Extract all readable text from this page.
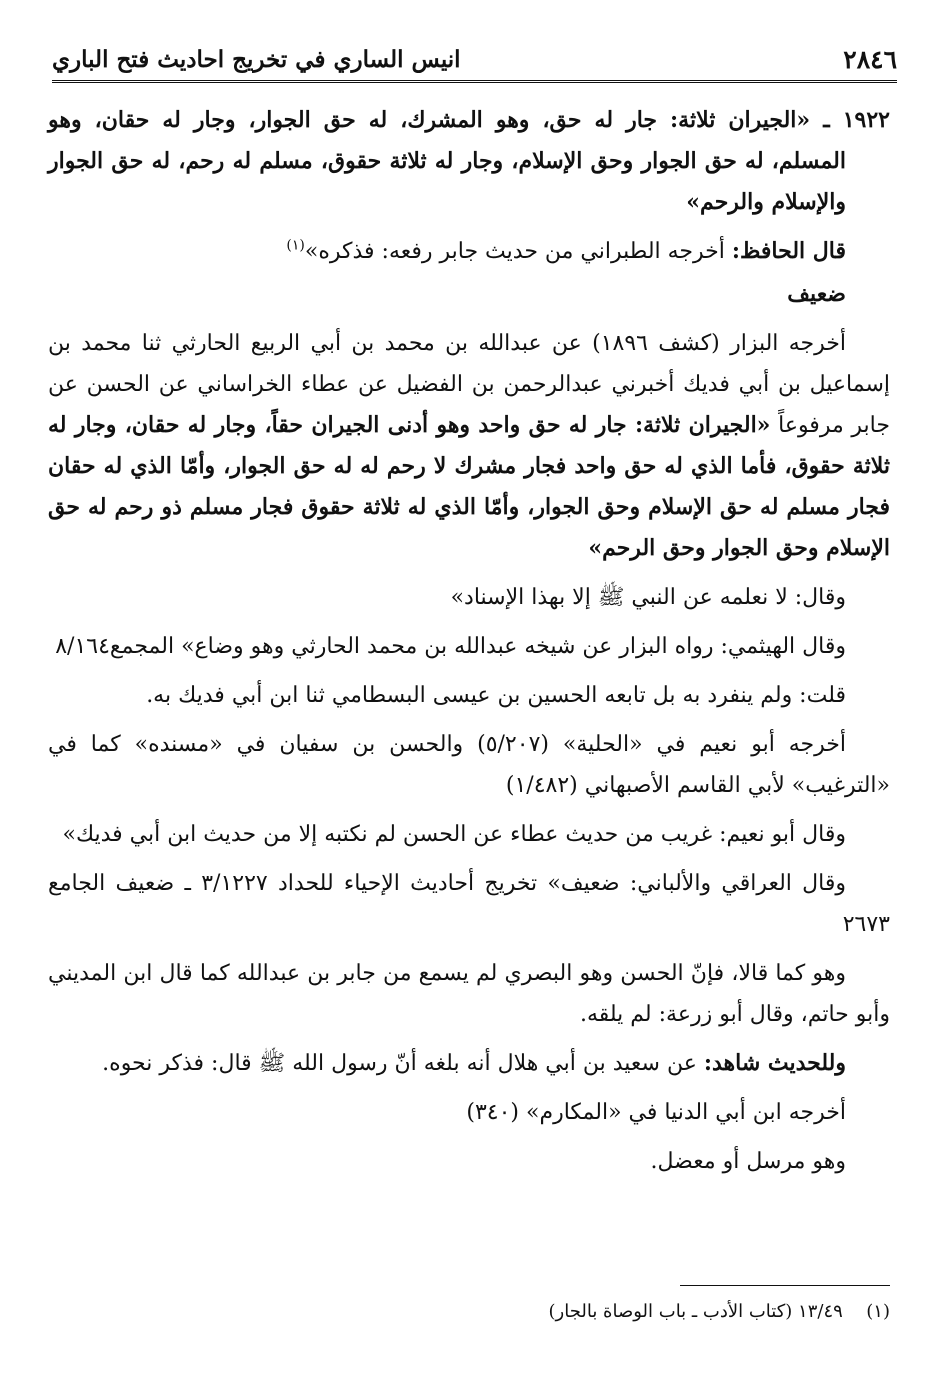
٢٨٤٦
انيس الساري في تخريج احاديث فتح الباري

١٩٢٢ ـ «الجيران ثلاثة: جار له حق، وهو المشرك، له حق الجوار، وجار له حقان، وهو المسلم، له حق الجوار وحق الإسلام، وجار له ثلاثة حقوق، مسلم له رحم، له حق الجوار والإسلام والرحم»

قال الحافظ: أخرجه الطبراني من حديث جابر رفعه: فذكره»$^{(١)}$

ضعيف

أخرجه البزار (كشف ١٨٩٦) عن عبدالله بن محمد بن أبي الربيع الحارثي ثنا محمد بن إسماعيل بن أبي فديك أخبرني عبدالرحمن بن الفضيل عن عطاء الخراساني عن الحسن عن جابر مرفوعاً «الجيران ثلاثة: جار له حق واحد وهو أدنى الجيران حقاً، وجار له حقان، وجار له ثلاثة حقوق، فأما الذي له حق واحد فجار مشرك لا رحم له له حق الجوار، وأمّا الذي له حقان فجار مسلم له حق الإسلام وحق الجوار، وأمّا الذي له ثلاثة حقوق فجار مسلم ذو رحم له حق الإسلام وحق الجوار وحق الرحم»

وقال: لا نعلمه عن النبي ﷺ إلا بهذا الإسناد»

وقال الهيثمي: رواه البزار عن شيخه عبدالله بن محمد الحارثي وهو وضاع» المجمع٨/١٦٤

قلت: ولم ينفرد به بل تابعه الحسين بن عيسى البسطامي ثنا ابن أبي فديك به.

أخرجه أبو نعيم في «الحلية» (٥/٢٠٧) والحسن بن سفيان في «مسنده» كما في «الترغيب» لأبي القاسم الأصبهاني (١/٤٨٢)

وقال أبو نعيم: غريب من حديث عطاء عن الحسن لم نكتبه إلا من حديث ابن أبي فديك»

وقال العراقي والألباني: ضعيف» تخريج أحاديث الإحياء للحداد ٣/١٢٢٧ ـ ضعيف الجامع ٢٦٧٣

وهو كما قالا، فإنّ الحسن وهو البصري لم يسمع من جابر بن عبدالله كما قال ابن المديني وأبو حاتم، وقال أبو زرعة: لم يلقه.

وللحديث شاهد: عن سعيد بن أبي هلال أنه بلغه أنّ رسول الله ﷺ قال: فذكر نحوه.

أخرجه ابن أبي الدنيا في «المكارم» (٣٤٠)

وهو مرسل أو معضل.

(١)  ١٣/٤٩ (كتاب الأدب ـ باب الوصاة بالجار)
